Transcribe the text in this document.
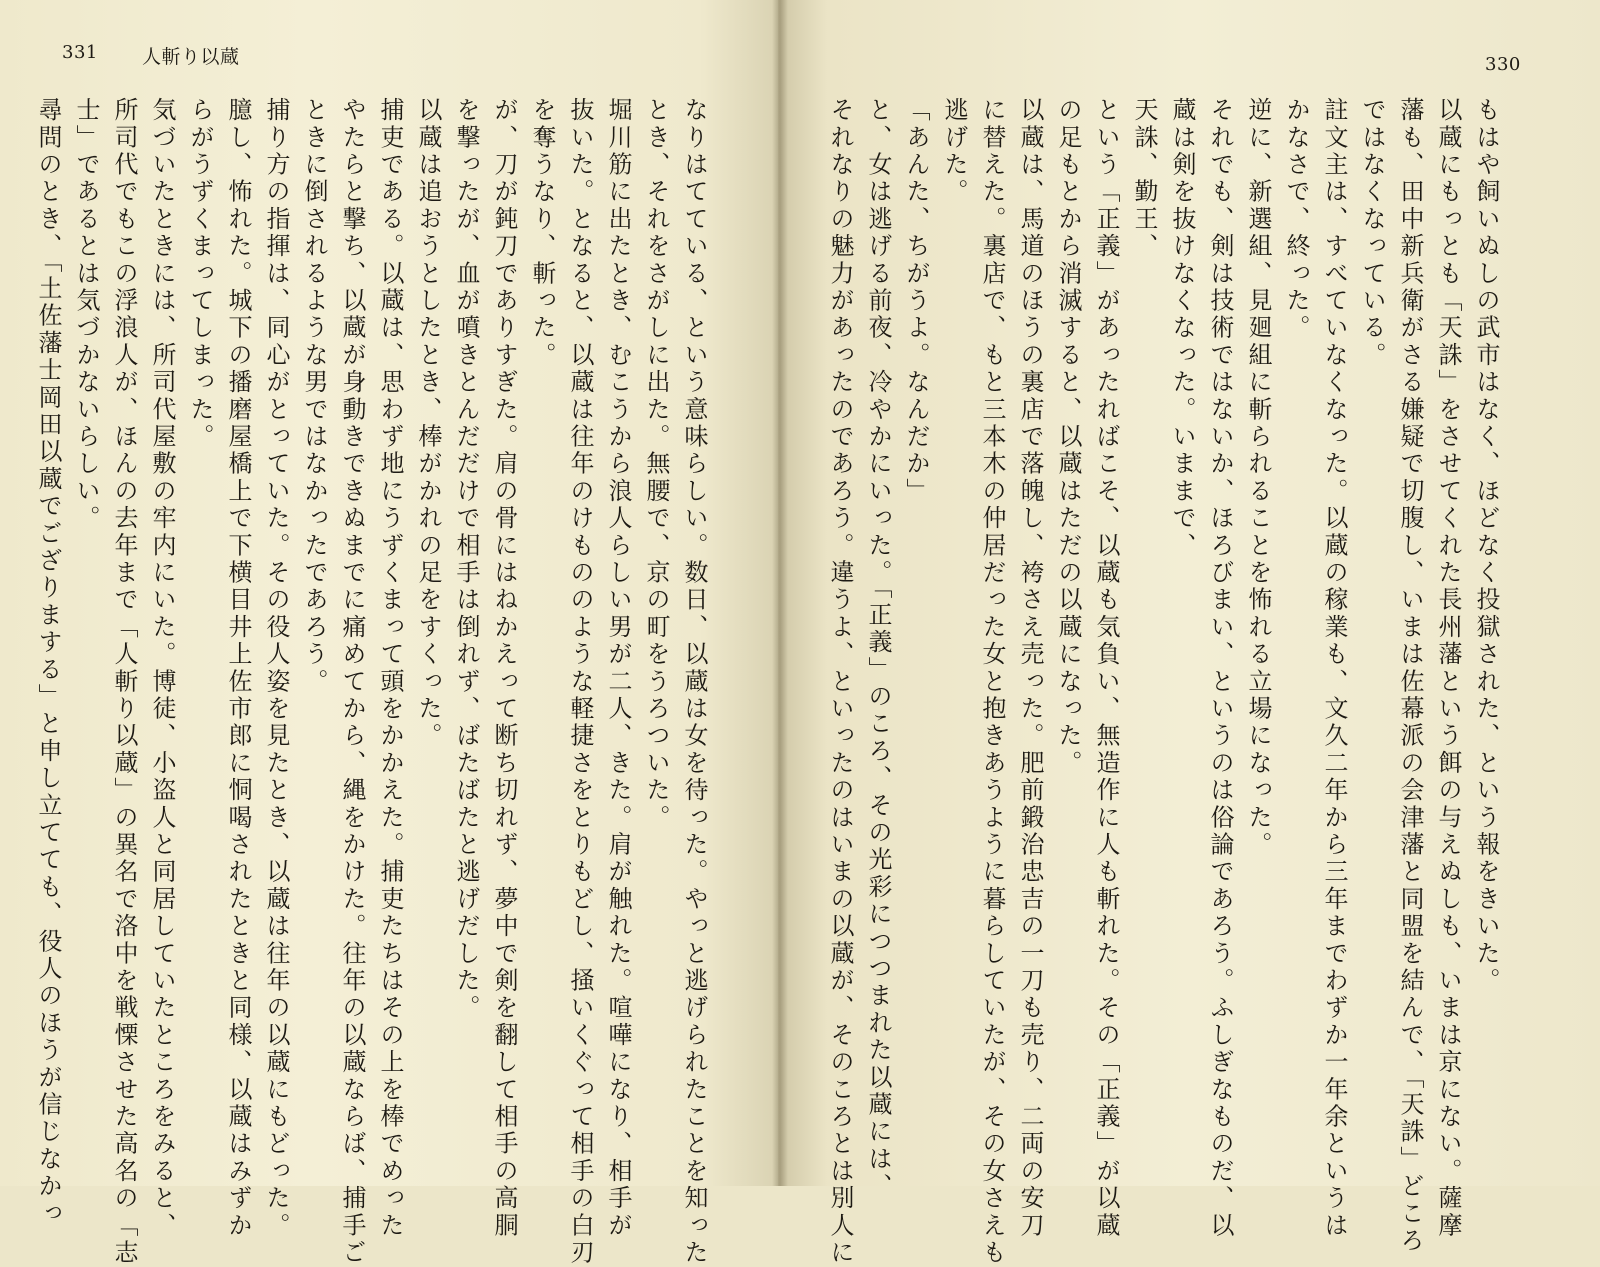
331 人斬り以蔵
なりはてている、という意味らしい。数日、以蔵は女を待った。やっと逃げられたことを知った
とき、それをさがしに出た。無腰で、京の町をうろついた。
堀川筋に出たとき、むこうから浪人らしい男が二人、きた。肩が触れた。喧嘩になり、相手が
抜いた。となると、以蔵は往年のけもののような軽捷さをとりもどし、掻いくぐって相手の白刃
を奪うなり、斬った。
が、刀が鈍刀でありすぎた。肩の骨にはねかえって断ち切れず、夢中で剣を翻して相手の高胴
を撃ったが、血が噴きとんだだけで相手は倒れず、ばたばたと逃げだした。
以蔵は追おうとしたとき、棒がかれの足をすくった。
捕吏である。以蔵は、思わず地にうずくまって頭をかかえた。捕吏たちはその上を棒でめった
やたらと撃ち、以蔵が身動きできぬまでに痛めてから、縄をかけた。往年の以蔵ならば、捕手ご
ときに倒されるような男ではなかったであろう。
捕り方の指揮は、同心がとっていた。その役人姿を見たとき、以蔵は往年の以蔵にもどった。
臆し、怖れた。城下の播磨屋橋上で下横目井上佐市郎に恫喝されたときと同様、以蔵はみずか
らがうずくまってしまった。
気づいたときには、所司代屋敷の牢内にいた。博徒、小盗人と同居していたところをみると、
所司代でもこの浮浪人が、ほんの去年まで「人斬り以蔵」の異名で洛中を戦慄させた高名の「志
士」であるとは気づかないらしい。
尋問のとき、「土佐藩士岡田以蔵でござりまする」と申し立てても、役人のほうが信じなかっ
330
もはや飼いぬしの武市はなく、ほどなく投獄された、という報をきいた。
以蔵にもっとも「天誅」をさせてくれた長州藩という餌の与えぬしも、いまは京にない。薩摩
藩も、田中新兵衛がさる嫌疑で切腹し、いまは佐幕派の会津藩と同盟を結んで、「天誅」どころ
ではなくなっている。
註文主は、すべていなくなった。以蔵の稼業も、文久二年から三年までわずか一年余というは
かなさで、終った。
逆に、新選組、見廻組に斬られることを怖れる立場になった。
それでも、剣は技術ではないか、ほろびまい、というのは俗論であろう。ふしぎなものだ、以
蔵は剣を抜けなくなった。いままで、
天誅、勤王、
という「正義」があったればこそ、以蔵も気負い、無造作に人も斬れた。その「正義」が以蔵
の足もとから消滅すると、以蔵はただの以蔵になった。
以蔵は、馬道のほうの裏店で落魄し、袴さえ売った。肥前鍛治忠吉の一刀も売り、二両の安刀
に替えた。裏店で、もと三本木の仲居だった女と抱きあうように暮らしていたが、その女さえも
逃げた。
「あんた、ちがうよ。なんだか」
と、女は逃げる前夜、冷やかにいった。「正義」のころ、その光彩につつまれた以蔵には、
それなりの魅力があったのであろう。違うよ、といったのはいまの以蔵が、そのころとは別人に
